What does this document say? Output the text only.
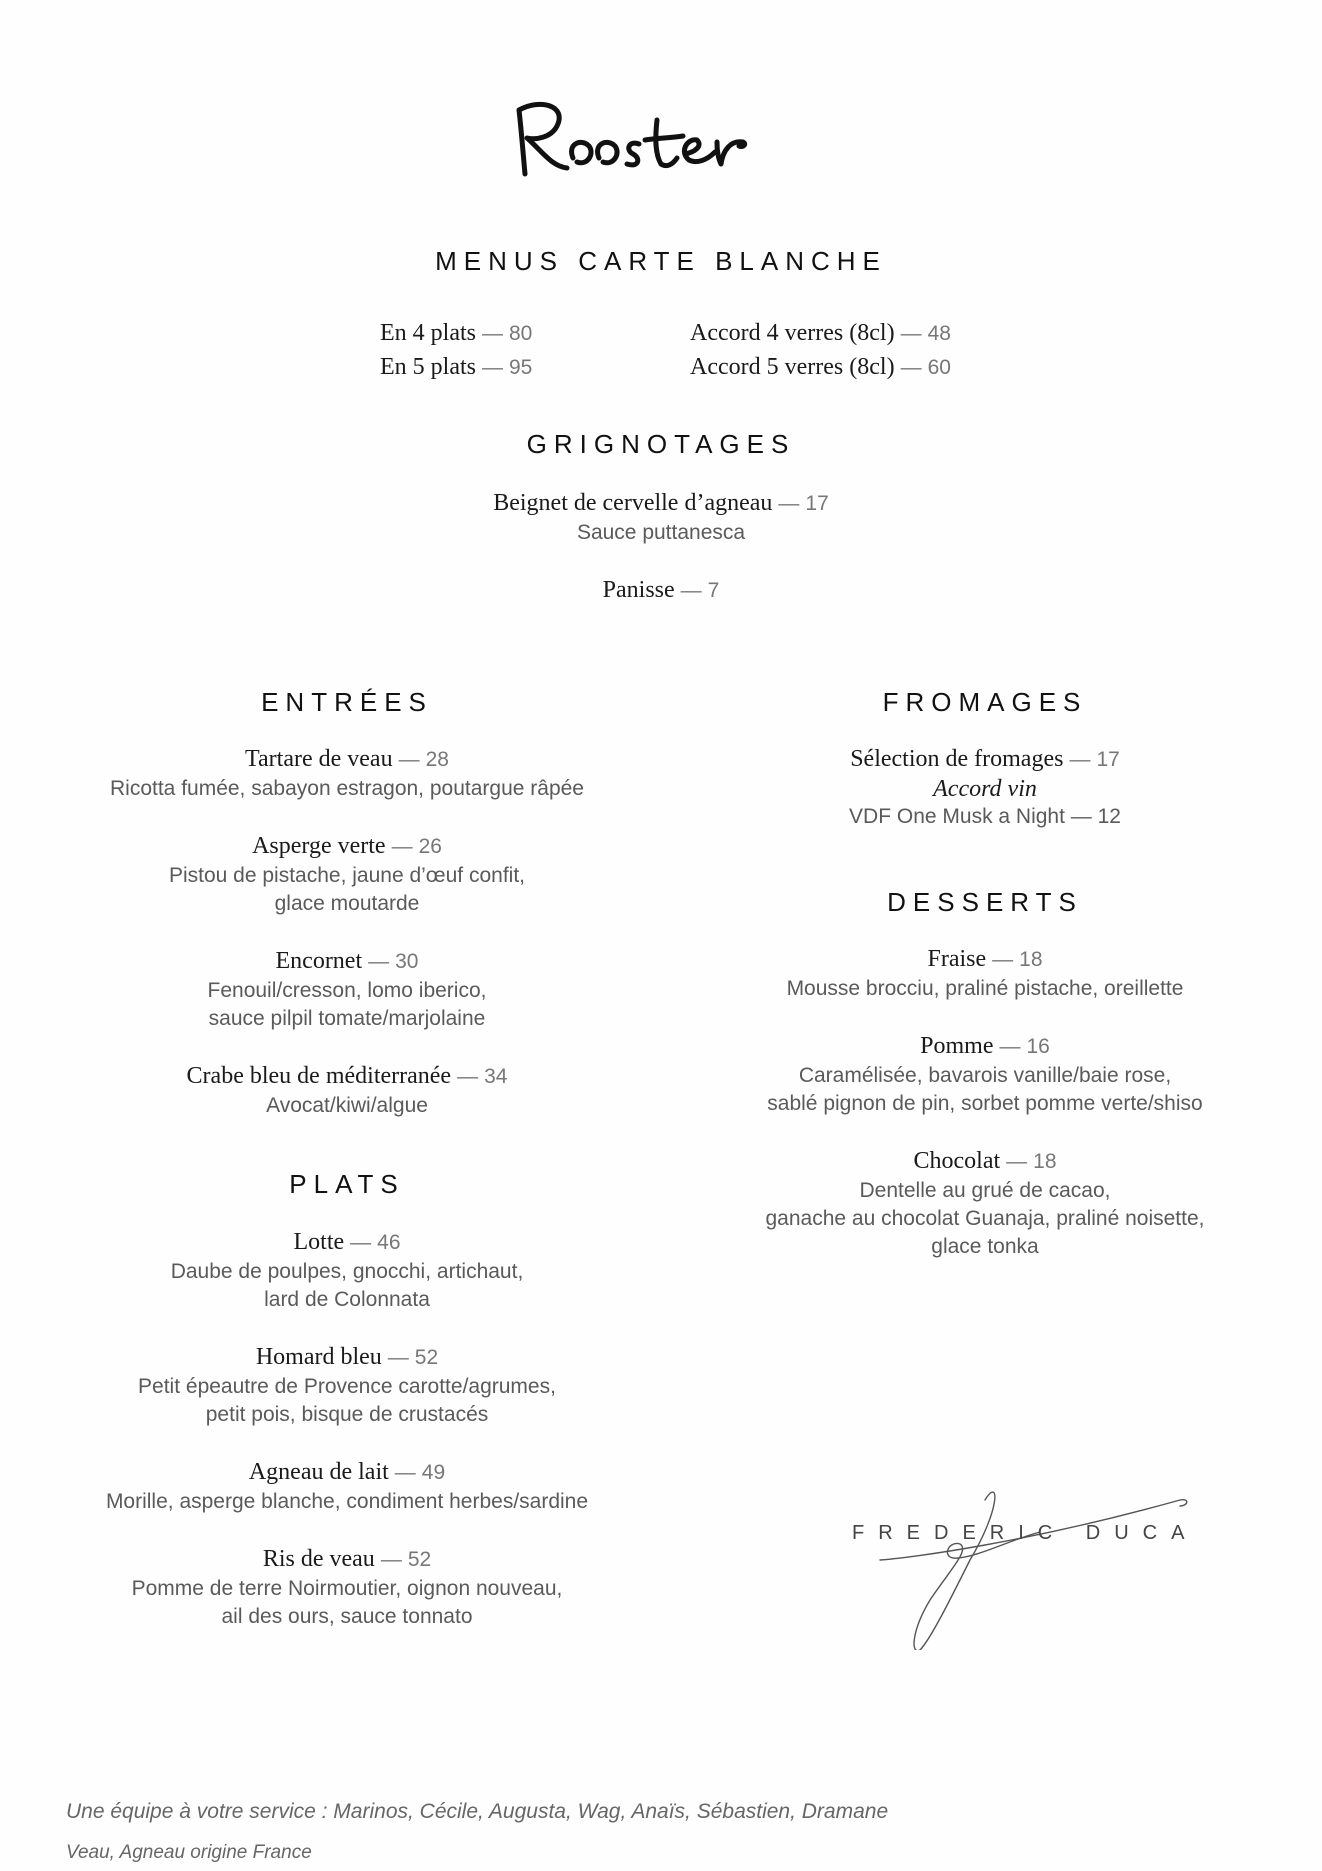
MENUS CARTE BLANCHE
En 4 plats — 80	Accord 4 verres (8cl) — 48
En 5 plats — 95	Accord 5 verres (8cl) — 60
GRIGNOTAGES
Beignet de cervelle d’agneau — 17
Sauce puttanesca
Panisse — 7
ENTRÉES
Tartare de veau — 28
Ricotta fumée, sabayon estragon, poutargue râpée
Asperge verte — 26
Pistou de pistache, jaune d’œuf confit,
glace moutarde
Encornet — 30
Fenouil/cresson, lomo iberico,
sauce pilpil tomate/marjolaine
Crabe bleu de méditerranée — 34
Avocat/kiwi/algue
PLATS
Lotte — 46
Daube de poulpes, gnocchi, artichaut,
lard de Colonnata
Homard bleu — 52
Petit épeautre de Provence carotte/agrumes,
petit pois, bisque de crustacés
Agneau de lait — 49
Morille, asperge blanche, condiment herbes/sardine
Ris de veau — 52
Pomme de terre Noirmoutier, oignon nouveau,
ail des ours, sauce tonnato
FROMAGES
Sélection de fromages — 17
Accord vin
VDF One Musk a Night — 12
DESSERTS
Fraise — 18
Mousse brocciu, praliné pistache, oreillette
Pomme — 16
Caramélisée, bavarois vanille/baie rose,
sablé pignon de pin, sorbet pomme verte/shiso
Chocolat — 18
Dentelle au grué de cacao,
ganache au chocolat Guanaja, praliné noisette,
glace tonka
FREDERIC DUCA
Une équipe à votre service : Marinos, Cécile, Augusta, Wag, Anaïs, Sébastien, Dramane
Veau, Agneau origine France
